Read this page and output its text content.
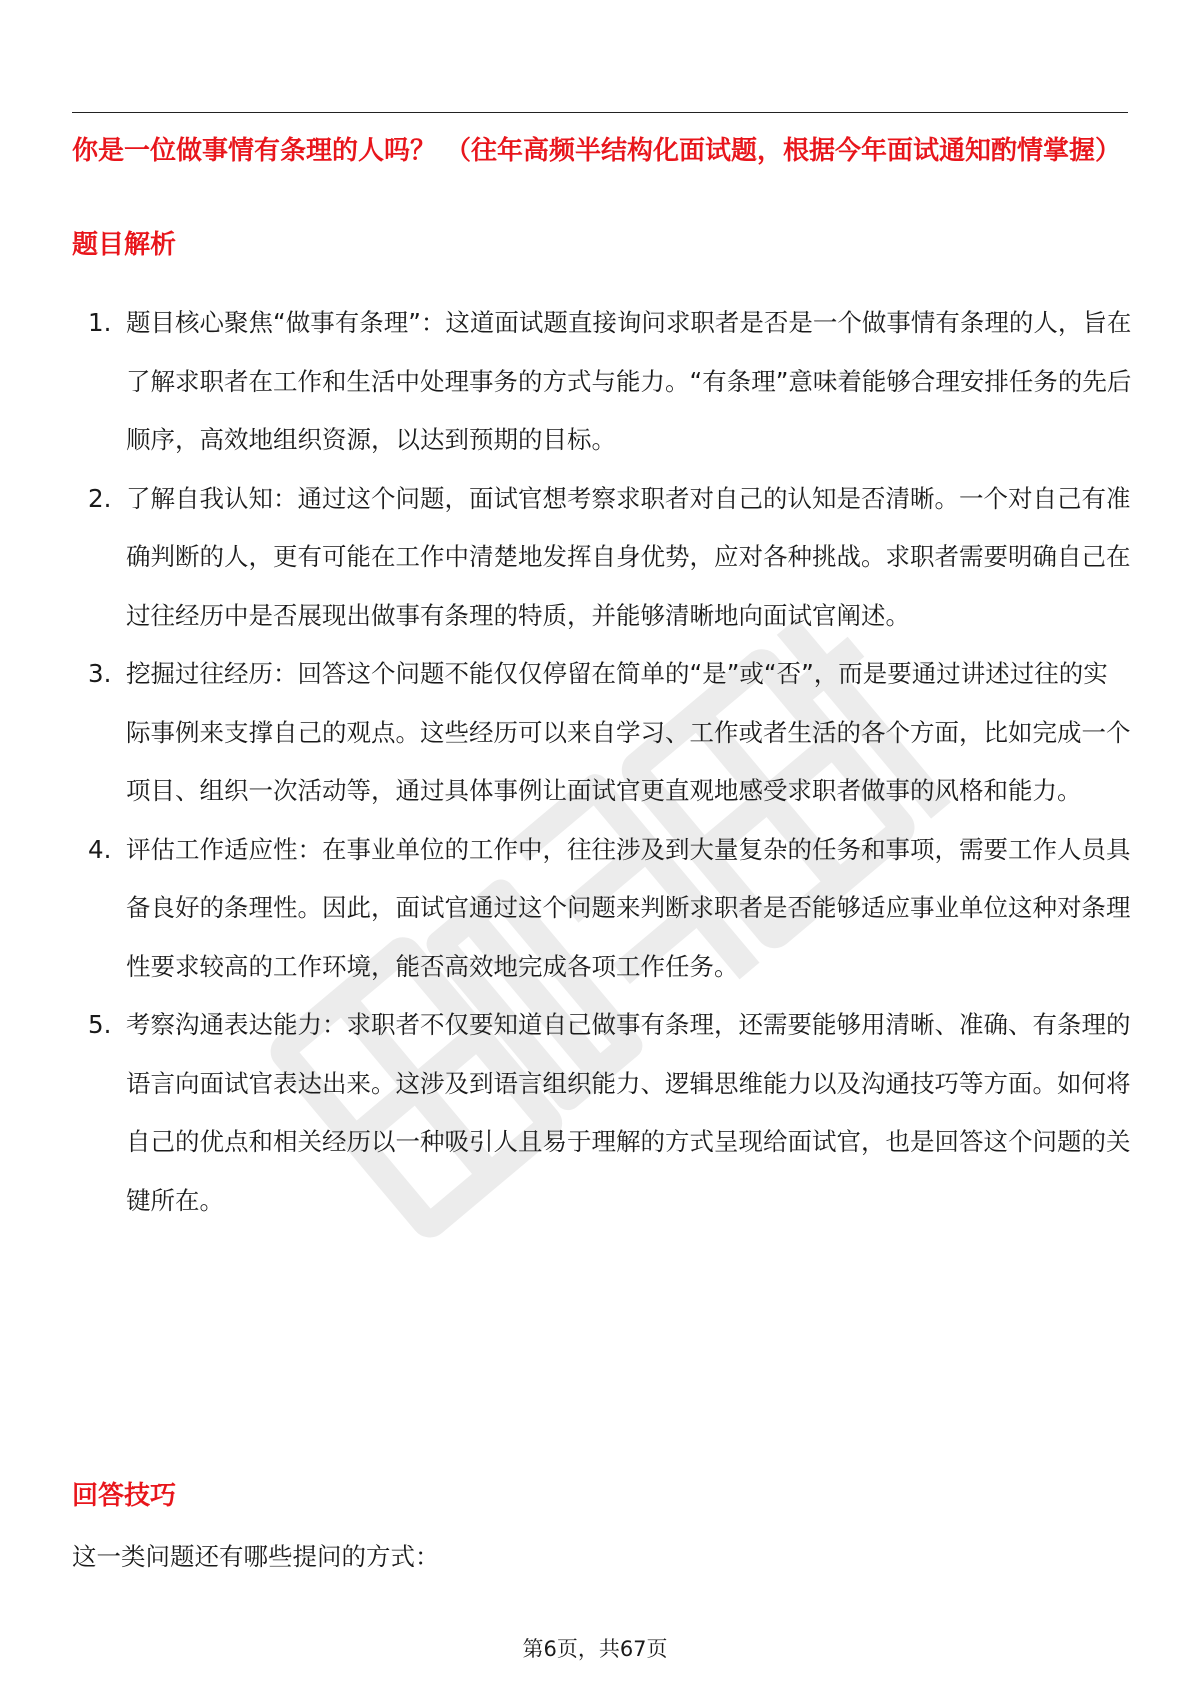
你是一位做事情有条理的人吗？ （往年高频半结构化面试题，根据今年面试通知酌情掌握）
题目解析
1. 题目核心聚焦“做事有条理”：这道面试题直接询问求职者是否是一个做事情有条理的人，旨在了解求职者在工作和生活中处理事务的方式与能力。“有条理”意味着能够合理安排任务的先后顺序，高效地组织资源，以达到预期的目标。
2. 了解自我认知：通过这个问题，面试官想考察求职者对自己的认知是否清晰。一个对自己有准确判断的人，更有可能在工作中清楚地发挥自身优势，应对各种挑战。求职者需要明确自己在过往经历中是否展现出做事有条理的特质，并能够清晰地向面试官阐述。
3. 挖掘过往经历：回答这个问题不能仅仅停留在简单的“是”或“否”，而是要通过讲述过往的实际事例来支撑自己的观点。这些经历可以来自学习、工作或者生活的各个方面，比如完成一个项目、组织一次活动等，通过具体事例让面试官更直观地感受求职者做事的风格和能力。
4. 评估工作适应性：在事业单位的工作中，往往涉及到大量复杂的任务和事项，需要工作人员具备良好的条理性。因此，面试官通过这个问题来判断求职者是否能够适应事业单位这种对条理性要求较高的工作环境，能否高效地完成各项工作任务。
5. 考察沟通表达能力：求职者不仅要知道自己做事有条理，还需要能够用清晰、准确、有条理的语言向面试官表达出来。这涉及到语言组织能力、逻辑思维能力以及沟通技巧等方面。如何将自己的优点和相关经历以一种吸引人且易于理解的方式呈现给面试官，也是回答这个问题的关键所在。
回答技巧

这一类问题还有哪些提问的方式：

第6页，共67页
